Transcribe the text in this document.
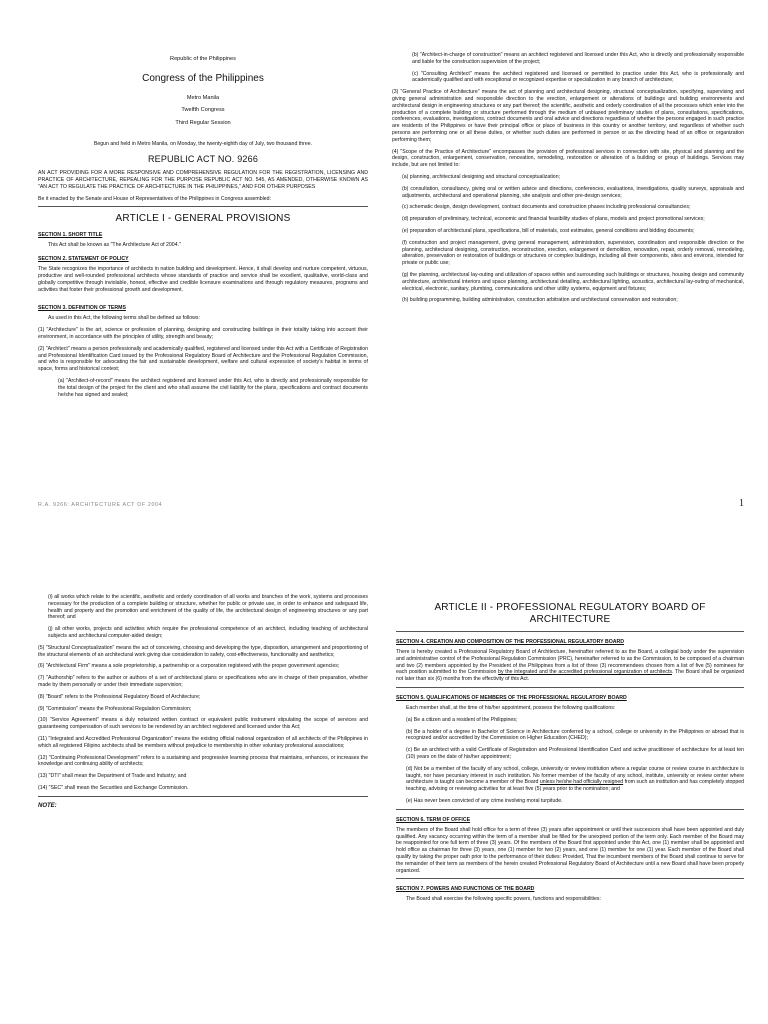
Republic of the Philippines

Congress of the Philippines

Metro Manila

Twelfth Congress

Third Regular Session

Begun and held in Metro Manila, on Monday, the twenty-eighth day of July, two thousand three.

REPUBLIC ACT NO. 9266

AN ACT PROVIDING FOR A MORE RESPONSIVE AND COMPREHENSIVE REGULATION FOR THE REGISTRATION, LICENSING AND PRACTICE OF ARCHITECTURE, REPEALING FOR THE PURPOSE REPUBLIC ACT NO. 545, AS AMENDED, OTHERWISE KNOWN AS "AN ACT TO REGULATE THE PRACTICE OF ARCHITECTURE IN THE PHILIPPINES," AND FOR OTHER PURPOSES

Be it enacted by the Senate and House of Representatives of the Philippines in Congress assembled:

ARTICLE I - GENERAL PROVISIONS

SECTION 1. SHORT TITLE

This Act shall be known as "The Architecture Act of 2004."

SECTION 2. STATEMENT OF POLICY

The State recognizes the importance of architects in nation building and development. Hence, it shall develop and nurture competent, virtuous, productive and well-rounded professional architects whose standards of practice and service shall be excellent, qualitative, world-class and globally competitive through inviolable, honest, effective and credible licensure examinations and through regulatory measures, programs and activities that foster their professional growth and development.

SECTION 3. DEFINITION OF TERMS

As used in this Act, the following terms shall be defined as follows:

(1) "Architecture" is the art, science or profession of planning, designing and constructing buildings in their totality taking into account their environment, in accordance with the principles of utility, strength and beauty;

(2) "Architect" means a person professionally and academically qualified, registered and licensed under this Act with a Certificate of Registration and Professional Identification Card issued by the Professional Regulatory Board of Architecture and the Professional Regulation Commission, and who is responsible for advocating the fair and sustainable development, welfare and cultural expression of society's habitat in terms of space, forms and historical context;

(a) "Architect-of-record" means the architect registered and licensed under this Act, who is directly and professionally responsible for the total design of the project for the client and who shall assume the civil liability for the plans, specifications and contract documents he/she has signed and sealed;

R.A. 9266: ARCHITECTURE ACT OF 2004

(b) "Architect-in-charge of construction" means an architect registered and licensed under this Act, who is directly and professionally responsible and liable for the construction supervision of the project;

(c) "Consulting Architect" means the architect registered and licensed or permitted to practice under this Act, who is professionally and academically qualified and with exceptional or recognized expertise or specialization in any branch of architecture;

(3) "General Practice of Architecture" means the act of planning and architectural designing, structural conceptualization, specifying, supervising and giving general administration and responsible direction to the erection, enlargement or alterations of buildings and building environments and architectural design in engineering structures or any part thereof; the scientific, aesthetic and orderly coordination of all the processes which enter into the production of a complete building or structure performed through the medium of unbiased preliminary studies of plans, consultations, specifications, conferences, evaluations, investigations, contract documents and oral advice and directions regardless of whether the persons engaged in such practice are residents of the Philippines or have their principal office or place of business in this country or another territory, and regardless of whether such persons are performing one or all these duties, or whether such duties are performed in person or as the directing head of an office or organization performing them;

(4) "Scope of the Practice of Architecture" encompasses the provision of professional services in connection with site, physical and planning and the design, construction, enlargement, conservation, renovation, remodeling, restoration or alteration of a building or group of buildings. Services may include, but are not limited to:

(a) planning, architectural designing and structural conceptualization;

(b) consultation, consultancy, giving oral or written advice and directions, conferences, evaluations, investigations, quality surveys, appraisals and adjustments, architectural and operational planning, site analysis and other pre-design services;

(c) schematic design, design development, contract documents and construction phases including professional consultancies;

(d) preparation of preliminary, technical, economic and financial feasibility studies of plans, models and project promotional services;

(e) preparation of architectural plans, specifications, bill of materials, cost estimates, general conditions and bidding documents;

(f) construction and project management, giving general management, administration, supervision, coordination and responsible direction or the planning, architectural designing, construction, reconstruction, erection, enlargement or demolition, renovation, repair, orderly removal, remodeling, alteration, preservation or restoration of buildings or structures or complex buildings, including all their components, sites and environs, intended for private or public use;

(g) the planning, architectural lay-outing and utilization of spaces within and surrounding such buildings or structures, housing design and community architecture, architectural interiors and space planning, architectural detailing, architectural lighting, acoustics, architectural lay-outing of mechanical, electrical, electronic, sanitary, plumbing, communications and other utility systems, equipment and fixtures;

(h) building programming, building administration, construction arbitration and architectural conservation and restoration;

1

(i) all works which relate to the scientific, aesthetic and orderly coordination of all works and branches of the work, systems and processes necessary for the production of a complete building or structure, whether for public or private use, in order to enhance and safeguard life, health and property and the promotion and enrichment of the quality of life, the architectural design of engineering structures or any part thereof; and

(j) all other works, projects and activities which require the professional competence of an architect, including teaching of architectural subjects and architectural computer-aided design;

(5) "Structural Conceptualization" means the act of conceiving, choosing and developing the type, disposition, arrangement and proportioning of the structural elements of an architectural work giving due consideration to safety, cost-effectiveness, functionality and aesthetics;

(6) "Architectural Firm" means a sole proprietorship, a partnership or a corporation registered with the proper government agencies;

(7) "Authorship" refers to the author or authors of a set of architectural plans or specifications who are in charge of their preparation, whether made by them personally or under their immediate supervision;

(8) "Board" refers to the Professional Regulatory Board of Architecture;

(9) "Commission" means the Professional Regulation Commission;

(10) "Service Agreement" means a duly notarized written contract or equivalent public instrument stipulating the scope of services and guaranteeing compensation of such services to be rendered by an architect registered and licensed under this Act;

(11) "Integrated and Accredited Professional Organization" means the existing official national organization of all architects of the Philippines in which all registered Filipino architects shall be members without prejudice to membership in other voluntary professional associations;

(12) "Continuing Professional Development" refers to a sustaining and progressive learning process that maintains, enhances, or increases the knowledge and continuing ability of architects;

(13) "DTI" shall mean the Department of Trade and Industry; and

(14) "SEC" shall mean the Securities and Exchange Commission.

NOTE:

ARTICLE II - PROFESSIONAL REGULATORY BOARD OF ARCHITECTURE

SECTION 4. CREATION AND COMPOSITION OF THE PROFESSIONAL REGULATORY BOARD

There is hereby created a Professional Regulatory Board of Architecture, hereinafter referred to as the Board, a collegial body under the supervision and administrative control of the Professional Regulation Commission (PRC), hereinafter referred to as the Commission, to be composed of a chairman and two (2) members appointed by the President of the Philippines from a list of three (3) recommendees chosen from a list of five (5) nominees for each position submitted to the Commission by the integrated and the accredited professional organization of architects. The Board shall be organized not later than six (6) months from the effectivity of this Act.

SECTION 5. QUALIFICATIONS OF MEMBERS OF THE PROFESSIONAL REGULATORY BOARD

Each member shall, at the time of his/her appointment, possess the following qualifications:

(a) Be a citizen and a resident of the Philippines;

(b) Be a holder of a degree in Bachelor of Science in Architecture conferred by a school, college or university in the Philippines or abroad that is recognized and/or accredited by the Commission on Higher Education (CHED);

(c) Be an architect with a valid Certificate of Registration and Professional Identification Card and active practitioner of architecture for at least ten (10) years on the date of his/her appointment;

(d) Not be a member of the faculty of any school, college, university or review institution where a regular course or review course in architecture is taught, nor have pecuniary interest in such institution. No former member of the faculty of any school, institute, university or review center where architecture is taught can become a member of the Board unless he/she had officially resigned from such an institution and has completely stopped teaching, advising or reviewing activities for at least five (5) years prior to the nomination; and

(e) Has never been convicted of any crime involving moral turpitude.

SECTION 6. TERM OF OFFICE

The members of the Board shall hold office for a term of three (3) years after appointment or until their successors shall have been appointed and duly qualified. Any vacancy occurring within the term of a member shall be filled for the unexpired portion of the term only. Each member of the Board may be reappointed for one full term of three (3) years. Of the members of the Board first appointed under this Act, one (1) member shall be appointed and hold office as chairman for three (3) years, one (1) member for two (2) years, and one (1) member for one (1) year. Each member of the Board shall qualify by taking the proper oath prior to the performance of their duties: Provided, That the incumbent members of the Board shall continue to serve for the remainder of their term as members of the herein created Professional Regulatory Board of Architecture until a new Board shall have been properly organized.

SECTION 7. POWERS AND FUNCTIONS OF THE BOARD

The Board shall exercise the following specific powers, functions and responsibilities:
